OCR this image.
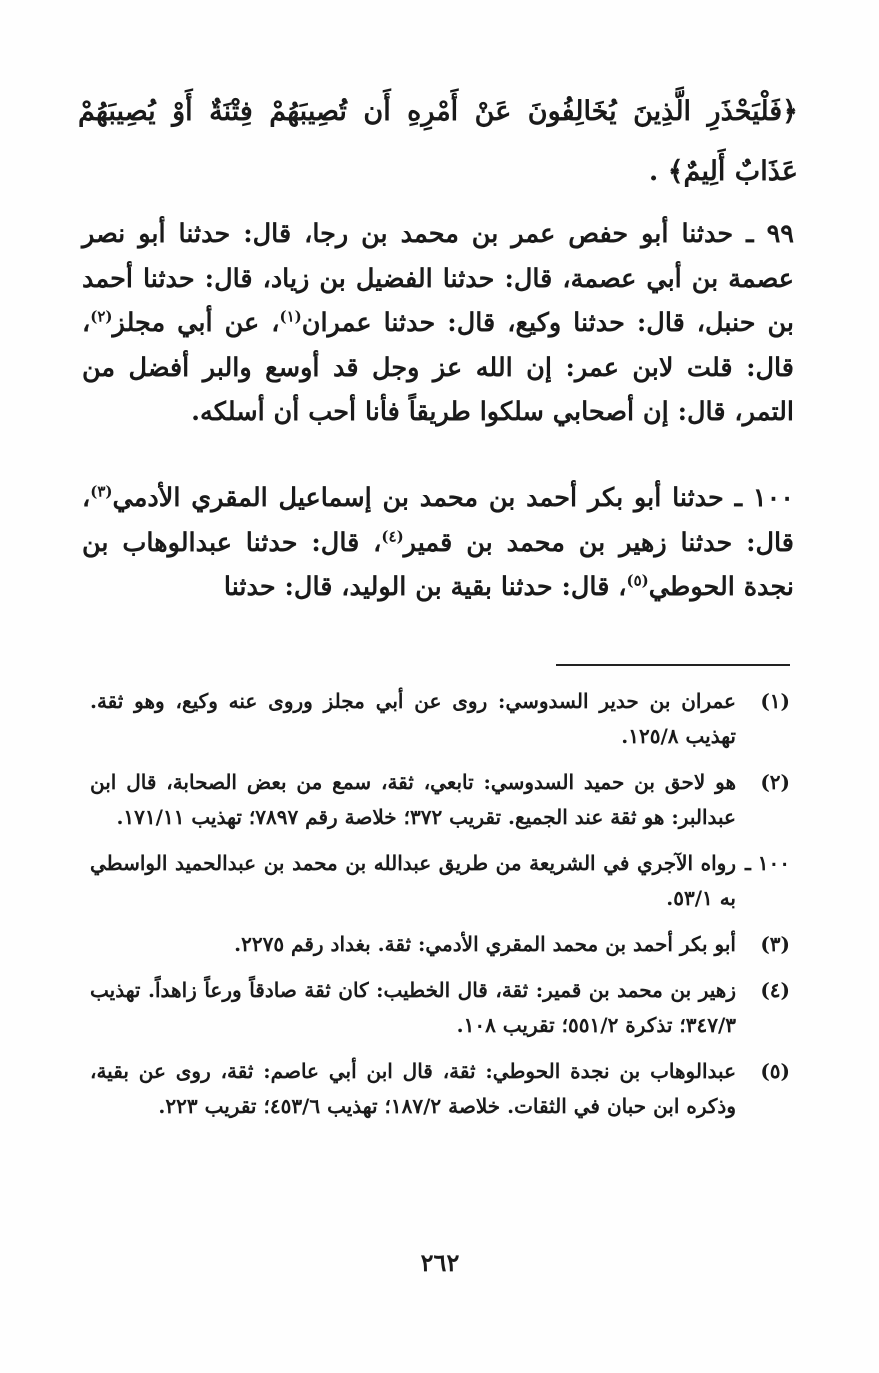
﴿فَلْيَحْذَرِ الَّذِينَ يُخَالِفُونَ عَنْ أَمْرِهِ أَن تُصِيبَهُمْ فِتْنَةٌ أَوْ يُصِيبَهُمْ عَذَابٌ أَلِيمٌ﴾ .
٩٩ ـ حدثنا أبو حفص عمر بن محمد بن رجا، قال: حدثنا أبو نصر عصمة بن أبي عصمة، قال: حدثنا الفضيل بن زياد، قال: حدثنا أحمد بن حنبل، قال: حدثنا وكيع، قال: حدثنا عمران$^{(١)}$، عن أبي مجلز$^{(٢)}$، قال: قلت لابن عمر: إن الله عز وجل قد أوسع والبر أفضل من التمر، قال: إن أصحابي سلكوا طريقاً فأنا أحب أن أسلكه.
١٠٠ ـ حدثنا أبو بكر أحمد بن محمد بن إسماعيل المقري الأدمي$^{(٣)}$، قال: حدثنا زهير بن محمد بن قمير$^{(٤)}$، قال: حدثنا عبدالوهاب بن نجدة الحوطي$^{(٥)}$، قال: حدثنا بقية بن الوليد، قال: حدثنا
(١)
عمران بن حدير السدوسي: روى عن أبي مجلز وروى عنه وكيع، وهو ثقة. تهذيب ١٢٥/٨.
(٢)
هو لاحق بن حميد السدوسي: تابعي، ثقة، سمع من بعض الصحابة، قال ابن عبدالبر: هو ثقة عند الجميع. تقريب ٣٧٢؛ خلاصة رقم ٧٨٩٧؛ تهذيب ١٧١/١١.
١٠٠ ـ
رواه الآجري في الشريعة من طريق عبدالله بن محمد بن عبدالحميد الواسطي به ٥٣/١.
(٣)
أبو بكر أحمد بن محمد المقري الأدمي: ثقة. بغداد رقم ٢٢٧٥.
(٤)
زهير بن محمد بن قمير: ثقة، قال الخطيب: كان ثقة صادقاً ورعاً زاهداً. تهذيب ٣٤٧/٣؛ تذكرة ٥٥١/٢؛ تقريب ١٠٨.
(٥)
عبدالوهاب بن نجدة الحوطي: ثقة، قال ابن أبي عاصم: ثقة، روى عن بقية، وذكره ابن حبان في الثقات. خلاصة ١٨٧/٢؛ تهذيب ٤٥٣/٦؛ تقريب ٢٢٣.
٢٦٢
